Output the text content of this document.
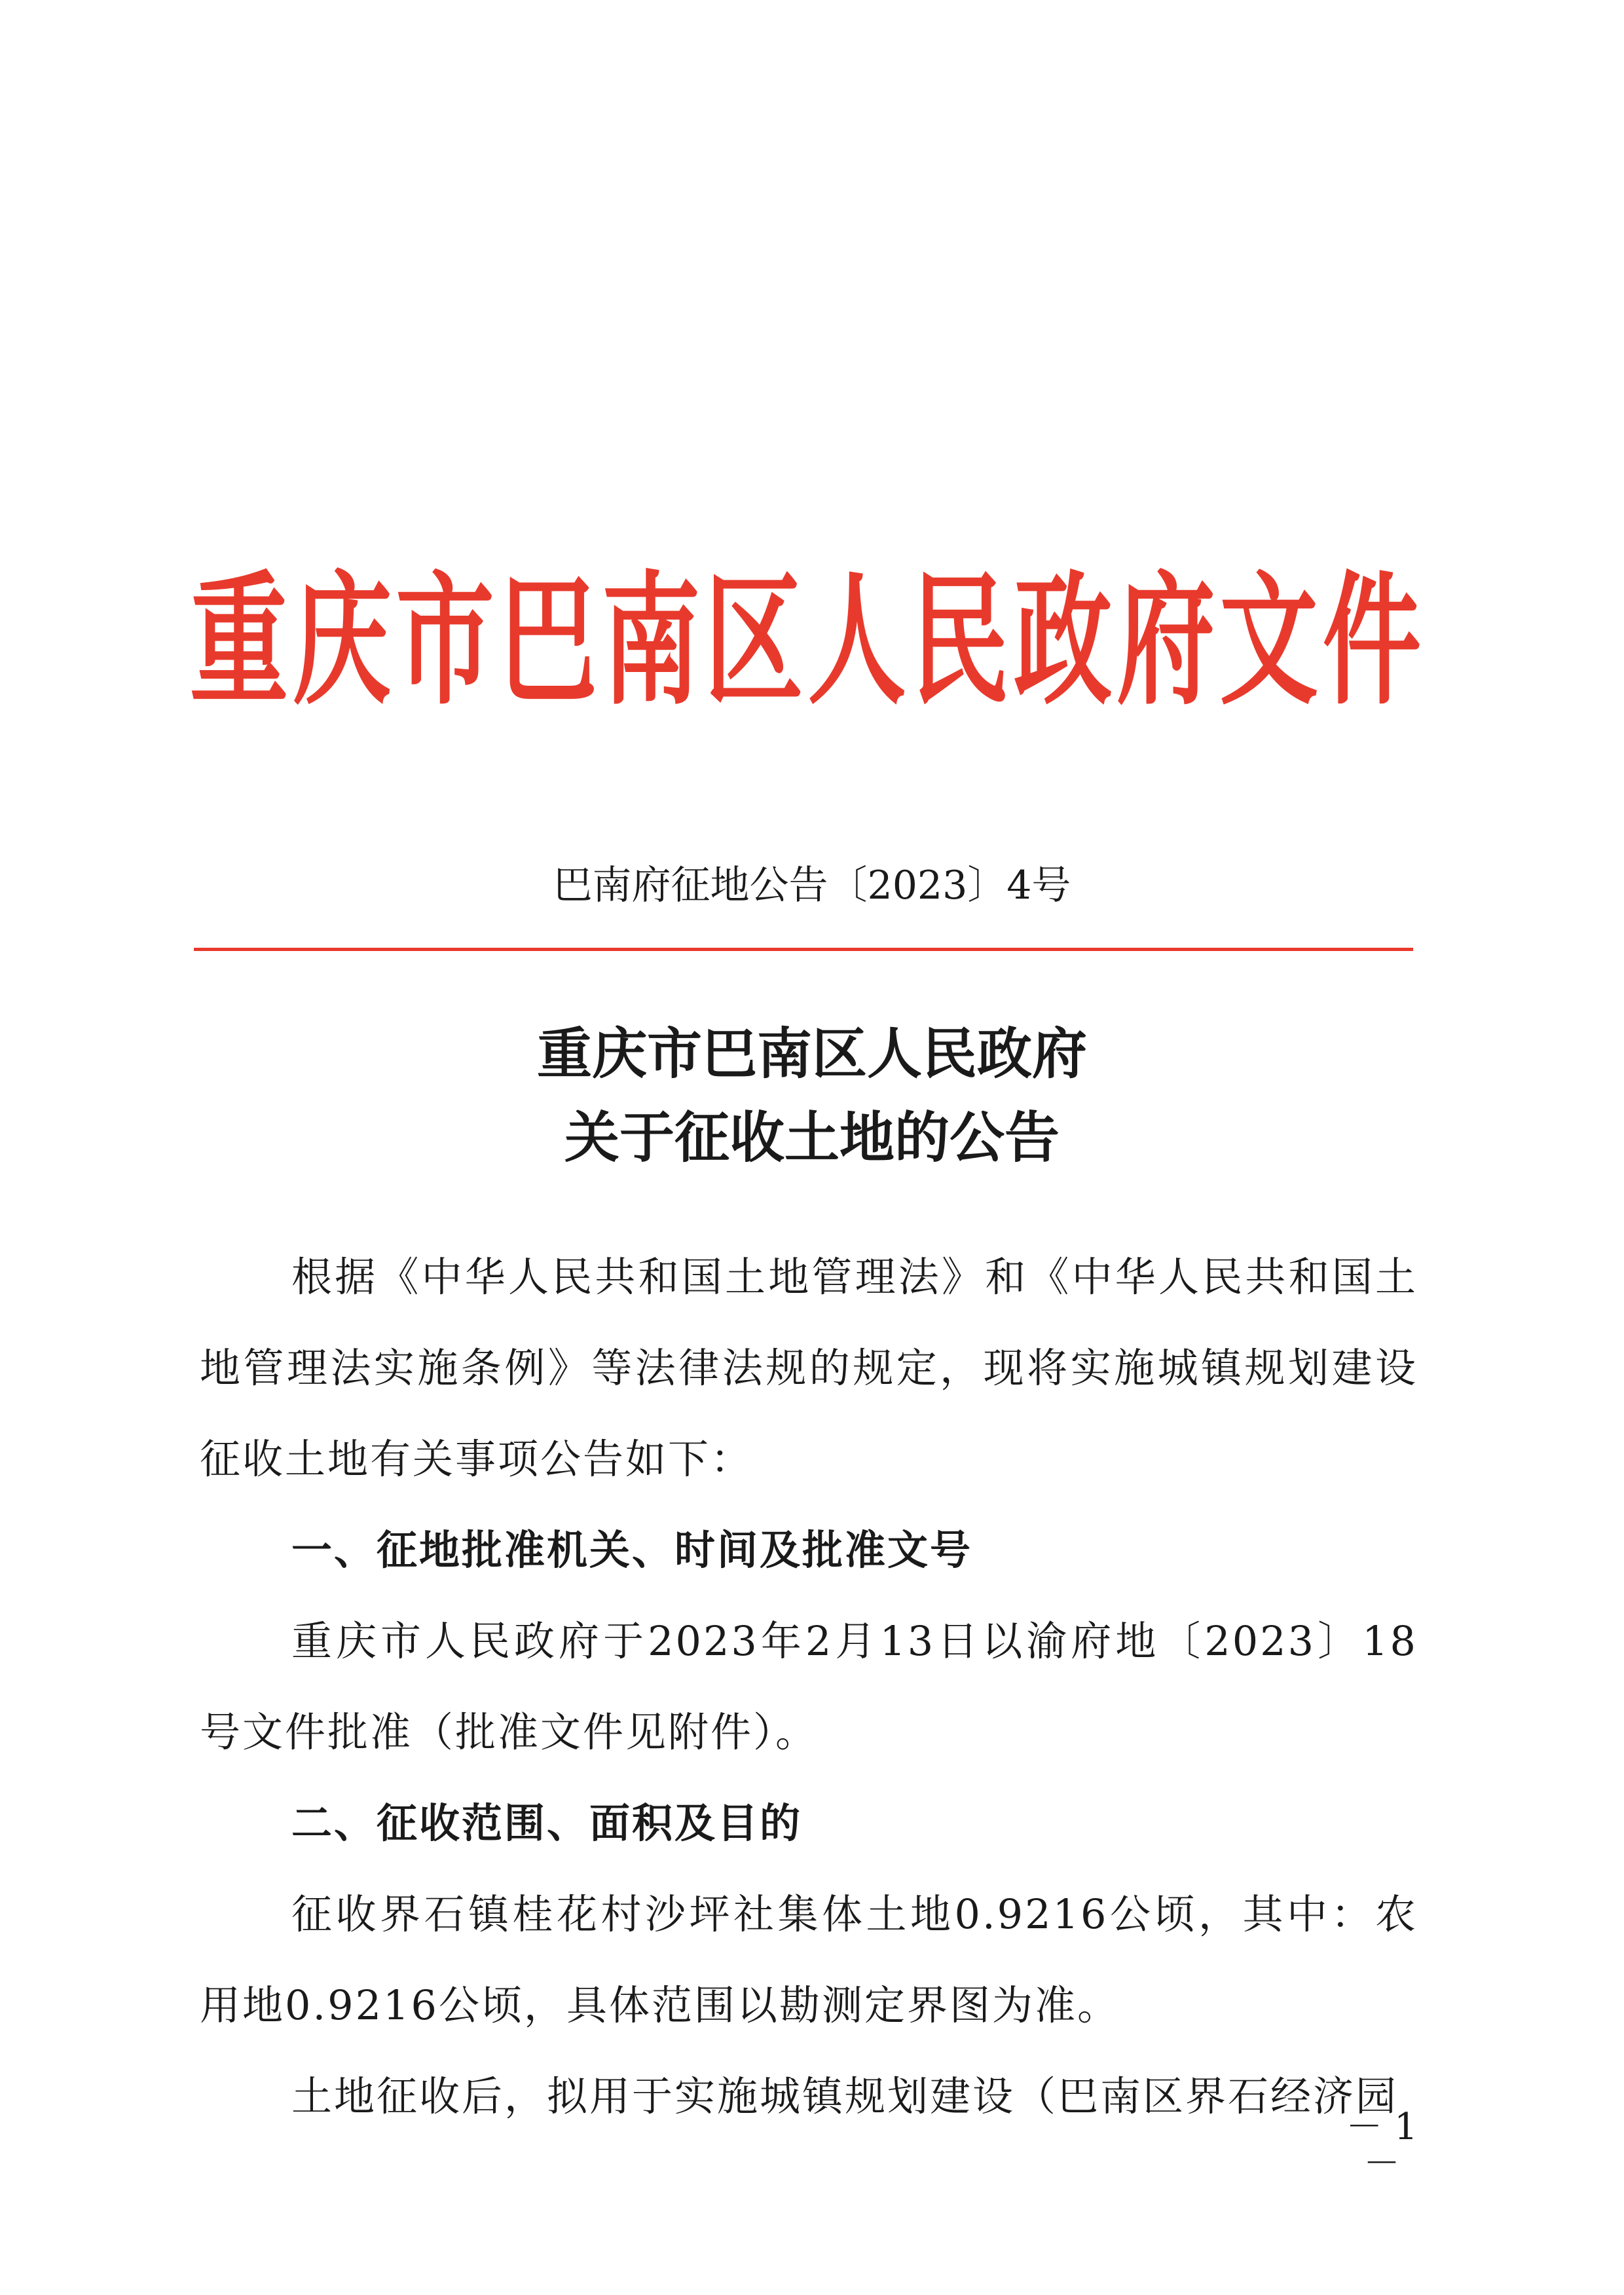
重 庆 市 巴 南 区 人 民 政 府 文 件
巴南府征地公告〔2023〕4号
重庆市巴南区人民政府
关于征收土地的公告

根据《中华人民共和国土地管理法》和《中华人民共和国土地管理法实施条例》等法律法规的规定，现将实施城镇规划建设征收土地有关事项公告如下：

一、征地批准机关、时间及批准文号

重庆市人民政府于2023年2月13日以渝府地〔2023〕18号文件批准（批准文件见附件）。

二、征收范围、面积及目的

征收界石镇桂花村沙坪社集体土地0.9216公顷，其中：农用地0.9216公顷，具体范围以勘测定界图为准。

土地征收后，拟用于实施城镇规划建设（巴南区界石经济园

－ 1 －
